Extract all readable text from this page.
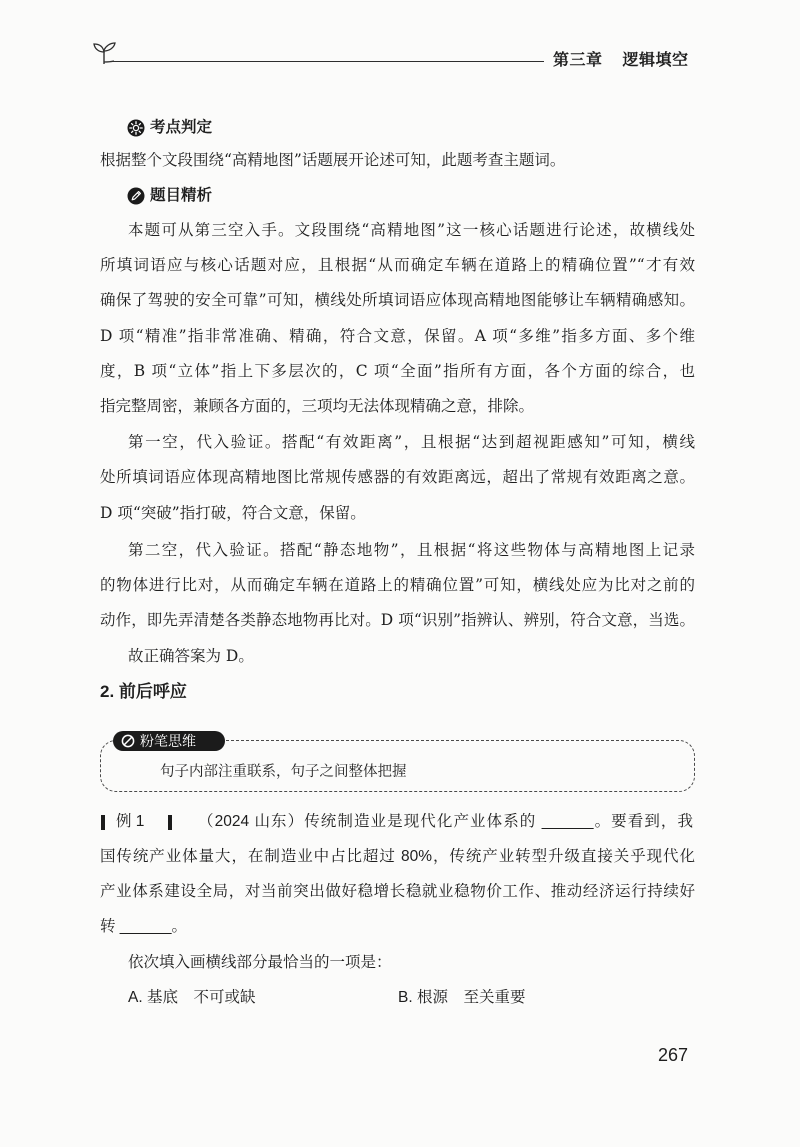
第三章 逻辑填空
考点判定
根据整个文段围绕“高精地图”话题展开论述可知，此题考查主题词。
题目精析
本题可从第三空入手。文段围绕“高精地图”这一核心话题进行论述，故横线处
所填词语应与核心话题对应，且根据“从而确定车辆在道路上的精确位置”“才有效
确保了驾驶的安全可靠”可知，横线处所填词语应体现高精地图能够让车辆精确感知。
D 项“精准”指非常准确、精确，符合文意，保留。A 项“多维”指多方面、多个维
度，B 项“立体”指上下多层次的，C 项“全面”指所有方面，各个方面的综合，也
指完整周密，兼顾各方面的，三项均无法体现精确之意，排除。
第一空，代入验证。搭配“有效距离”，且根据“达到超视距感知”可知，横线
处所填词语应体现高精地图比常规传感器的有效距离远，超出了常规有效距离之意。
D 项“突破”指打破，符合文意，保留。
第二空，代入验证。搭配“静态地物”，且根据“将这些物体与高精地图上记录
的物体进行比对，从而确定车辆在道路上的精确位置”可知，横线处应为比对之前的
动作，即先弄清楚各类静态地物再比对。D 项“识别”指辨认、辨别，符合文意，当选。
故正确答案为 D。
2. 前后呼应
粉笔思维
句子内部注重联系，句子之间整体把握
例 1	（2024 山东）传统制造业是现代化产业体系的 ______。要看到，我
国传统产业体量大，在制造业中占比超过 80%，传统产业转型升级直接关乎现代化
产业体系建设全局，对当前突出做好稳增长稳就业稳物价工作、推动经济运行持续好
转 ______。
依次填入画横线部分最恰当的一项是：
A. 基底　不可或缺	B. 根源　至关重要
267
